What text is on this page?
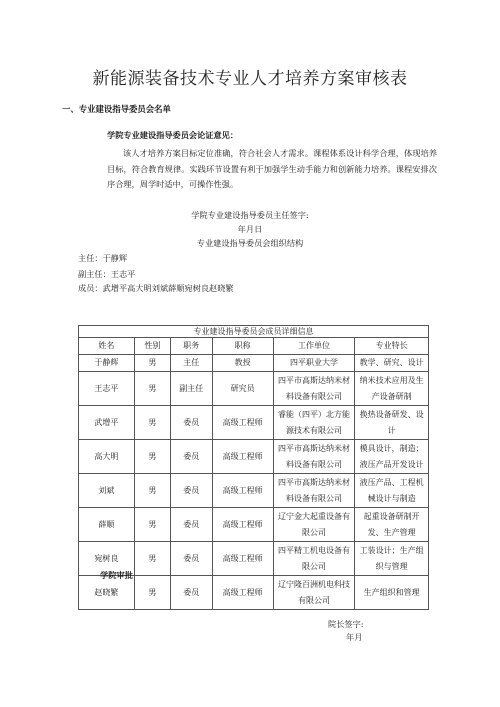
新能源装备技术专业人才培养方案审核表
一、专业建设指导委员会名单
学院专业建设指导委员会论证意见：
该人才培养方案目标定位准确，符合社会人才需求。课程体系设计科学合理，体现培养目标，符合教育规律。实践环节设置有利于加强学生动手能力和创新能力培养。课程安排次序合理，周学时适中，可操作性强。
学院专业建设指导委员主任签字:
年月日
专业建设指导委员会组织结构
主任：于静辉
副主任：王志平
成员：武增平高大明刘斌薛顺宛树良赵晓繁
专业建设指导委员会成员详细信息					
姓名	性别	职务	职称	工作单位	专业特长
于静辉	男	主任	教授	四平职业大学	教学、研究、设计
王志平	男	副主任	研究员	四平市高斯达纳米材料设备有限公司	纳米技术应用及生产设备研制
武增平	男	委员	高级工程师	睿能（四平）北方能源技术有限公司	换热设备研发、设计
高大明	男	委员	高级工程师	四平市高斯达纳米材料设备有限公司	模具设计，制造；液压产品开发设计
刘斌	男	委员	高级工程师	四平市高斯达纳米材料设备有限公司	液压产品、工程机械设计与制造
薛顺	男	委员	高级工程师	辽宁金大起重设备有限公司	起重设备研制开发、生产管理
宛树良	男	委员	高级工程师	四平精工机电设备有限公司	工装设计；生产组织与管理
赵晓繁	男	委员	高级工程师	辽宁隆百洲机电科技有限公司	生产组织和管理
学院审批
院长签字:
年月
